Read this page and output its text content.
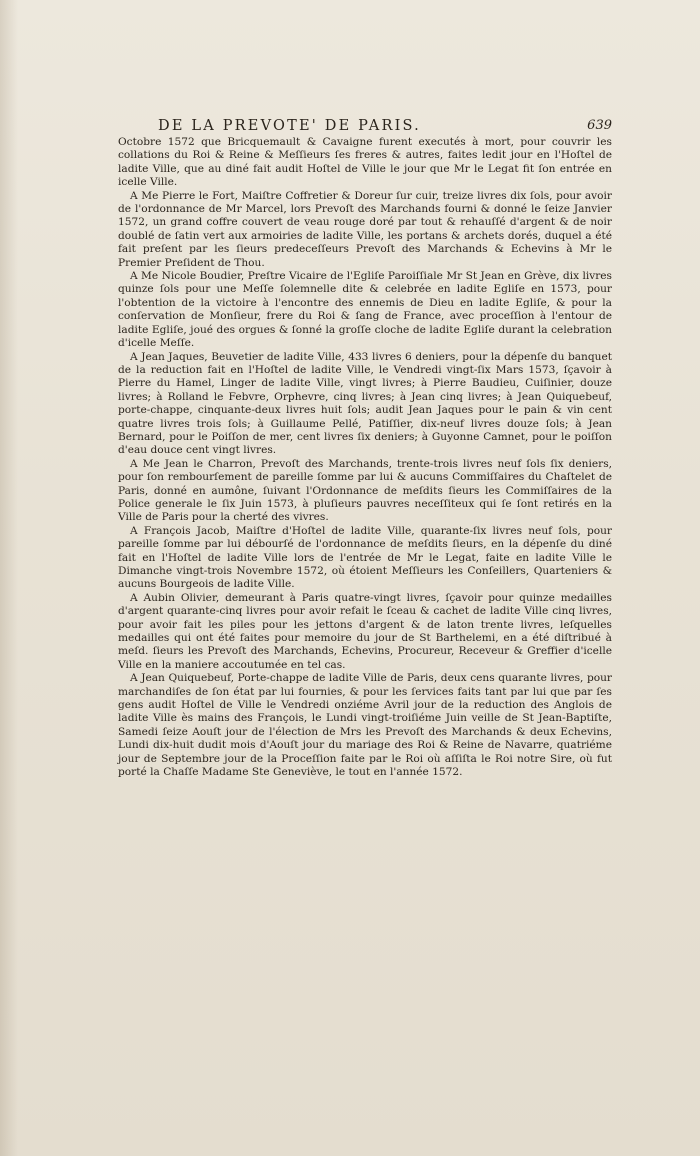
DE LA PREVOTE' DE PARIS.	639

Octobre 1572 que Bricquemault & Cavaigne furent executés à mort, pour couvrir les collations du Roi & Reine & Meſſieurs ſes freres & autres, faites ledit jour en l'Hoſtel de ladite Ville, que au diné fait audit Hoſtel de Ville le jour que Mr le Legat fit ſon entrée en icelle Ville.

A Me Pierre le Fort, Maiſtre Coffretier & Doreur ſur cuir, treize livres dix ſols, pour avoir de l'ordonnance de Mr Marcel, lors Prevoſt des Marchands fourni & donné le ſeize Janvier 1572, un grand coffre couvert de veau rouge doré par tout & rehauſſé d'argent & de noir doublé de ſatin vert aux armoiries de ladite Ville, les portans & archets dorés, duquel a été fait preſent par les ſieurs predeceſſeurs Prevoſt des Marchands & Echevins à Mr le Premier Preſident de Thou.

A Me Nicole Boudier, Preſtre Vicaire de l'Egliſe Paroiſſiale Mr St Jean en Grève, dix livres quinze ſols pour une Meſſe ſolemnelle dite & celebrée en ladite Egliſe en 1573, pour l'obtention de la victoire à l'encontre des ennemis de Dieu en ladite Egliſe, & pour la conſervation de Monſieur, frere du Roi & ſang de France, avec proceſſion à l'entour de ladite Egliſe, joué des orgues & ſonné la groſſe cloche de ladite Egliſe durant la celebration d'icelle Meſſe.

A Jean Jaques, Beuvetier de ladite Ville, 433 livres 6 deniers, pour la dépenſe du banquet de la reduction fait en l'Hoſtel de ladite Ville, le Vendredi vingt-ſix Mars 1573, ſçavoir à Pierre du Hamel, Linger de ladite Ville, vingt livres; à Pierre Baudieu, Cuiſinier, douze livres; à Rolland le Febvre, Orphevre, cinq livres; à Jean cinq livres; à Jean Quiquebeuf, porte-chappe, cinquante-deux livres huit ſols; audit Jean Jaques pour le pain & vin cent quatre livres trois ſols; à Guillaume Pellé, Patiſſier, dix-neuf livres douze ſols; à Jean Bernard, pour le Poiſſon de mer, cent livres ſix deniers; à Guyonne Camnet, pour le poiſſon d'eau douce cent vingt livres.

A Me Jean le Charron, Prevoſt des Marchands, trente-trois livres neuf ſols ſix deniers, pour ſon rembourſement de pareille ſomme par lui & aucuns Commiſſaires du Chaſtelet de Paris, donné en aumône, ſuivant l'Ordonnance de meſdits ſieurs les Commiſſaires de la Police generale le ſix Juin 1573, à pluſieurs pauvres neceſſiteux qui ſe ſont retirés en la Ville de Paris pour la cherté des vivres.

A François Jacob, Maiſtre d'Hoſtel de ladite Ville, quarante-ſix livres neuf ſols, pour pareille ſomme par lui débourſé de l'ordonnance de meſdits ſieurs, en la dépenſe du diné fait en l'Hoſtel de ladite Ville lors de l'entrée de Mr le Legat, faite en ladite Ville le Dimanche vingt-trois Novembre 1572, où étoient Meſſieurs les Conſeillers, Quarteniers & aucuns Bourgeois de ladite Ville.

A Aubin Olivier, demeurant à Paris quatre-vingt livres, ſçavoir pour quinze medailles d'argent quarante-cinq livres pour avoir refait le ſceau & cachet de ladite Ville cinq livres, pour avoir fait les piles pour les jettons d'argent & de laton trente livres, leſquelles medailles qui ont été faites pour memoire du jour de St Barthelemi, en a été diſtribué à meſd. ſieurs les Prevoſt des Marchands, Echevins, Procureur, Receveur & Greffier d'icelle Ville en la maniere accoutumée en tel cas.

A Jean Quiquebeuf, Porte-chappe de ladite Ville de Paris, deux cens quarante livres, pour marchandiſes de ſon état par lui fournies, & pour les ſervices faits tant par lui que par ſes gens audit Hoſtel de Ville le Vendredi onziéme Avril jour de la reduction des Anglois de ladite Ville ès mains des François, le Lundi vingt-troiſiéme Juin veille de St Jean-Baptiſte, Samedi ſeize Aouſt jour de l'élection de Mrs les Prevoſt des Marchands & deux Echevins, Lundi dix-huit dudit mois d'Aouſt jour du mariage des Roi & Reine de Navarre, quatriéme jour de Septembre jour de la Proceſſion faite par le Roi où aſſiſta le Roi notre Sire, où fut porté la Chaſſe Madame Ste Geneviève, le tout en l'année 1572.
